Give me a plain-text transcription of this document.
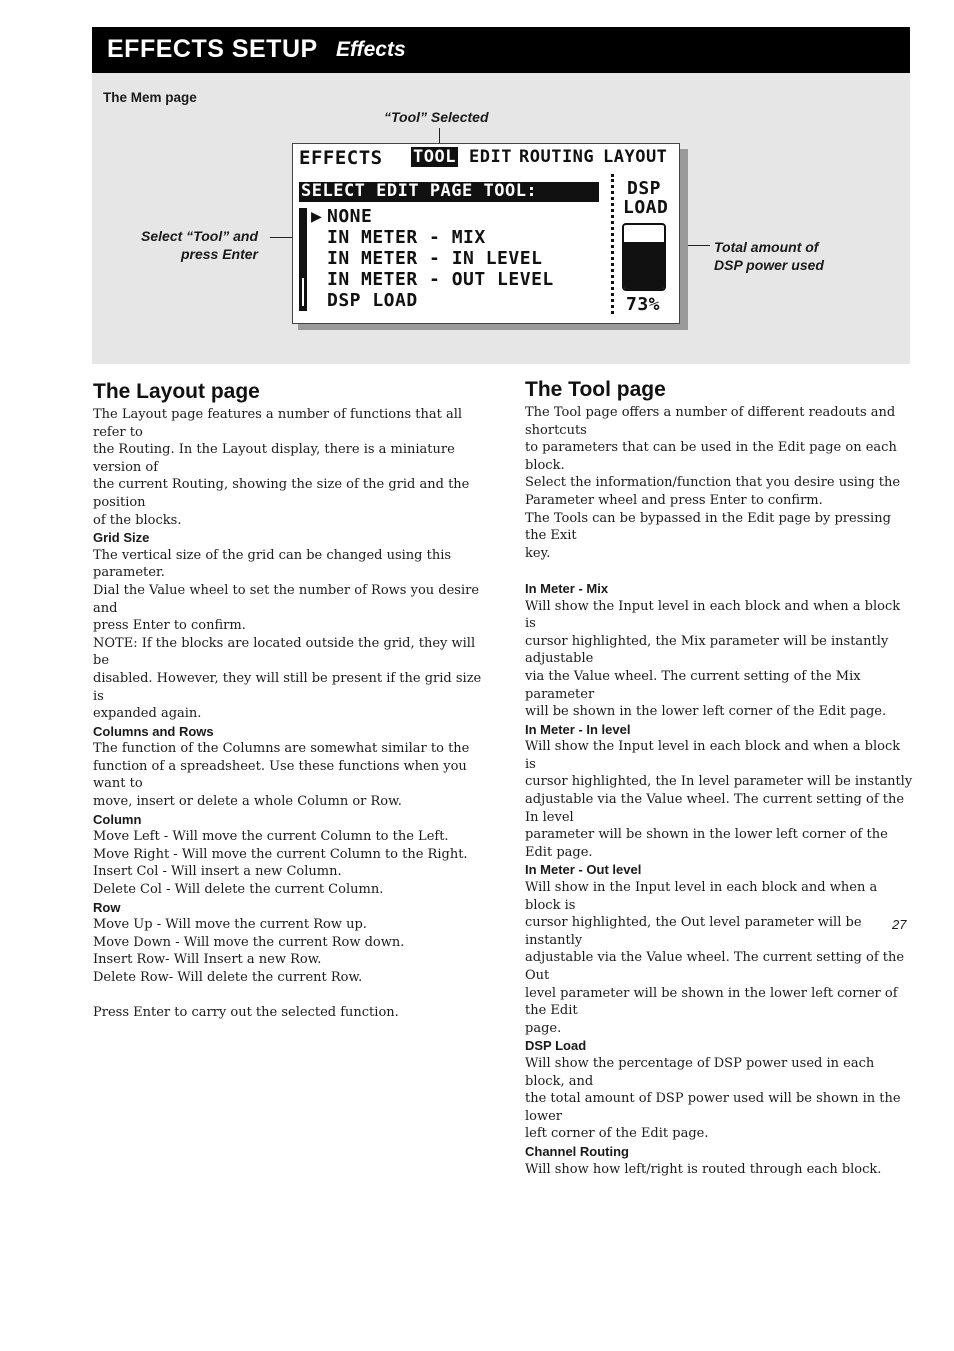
EFFECTS SETUP Effects
The Mem page
“Tool” Selected
Select “Tool” and press Enter	Total amount of
DSP power used
EFFECTS TOOL EDIT ROUTING LAYOUT
SELECT EDIT PAGE TOOL:
▶ NONE
IN METER - MIX
IN METER - IN LEVEL
IN METER - OUT LEVEL
DSP LOAD
DSP
LOAD
73%
The Layout page
The Layout page features a number of functions that all refer to
the Routing. In the Layout display, there is a miniature version of
the current Routing, showing the size of the grid and the position
of the blocks.
Grid Size
The vertical size of the grid can be changed using this parameter.
Dial the Value wheel to set the number of Rows you desire and
press Enter to confirm.
NOTE: If the blocks are located outside the grid, they will be
disabled. However, they will still be present if the grid size is
expanded again.
Columns and Rows
The function of the Columns are somewhat similar to the
function of a spreadsheet. Use these functions when you want to
move, insert or delete a whole Column or Row.
Column
Move Left - Will move the current Column to the Left.
Move Right - Will move the current Column to the Right.
Insert Col - Will insert a new Column.
Delete Col - Will delete the current Column.
Row
Move Up - Will move the current Row up.
Move Down - Will move the current Row down.
Insert Row- Will Insert a new Row.
Delete Row- Will delete the current Row.
Press Enter to carry out the selected function.
The Tool page
The Tool page offers a number of different readouts and shortcuts
to parameters that can be used in the Edit page on each block.
Select the information/function that you desire using the
Parameter wheel and press Enter to confirm.
The Tools can be bypassed in the Edit page by pressing the Exit
key.
In Meter - Mix
Will show the Input level in each block and when a block is
cursor highlighted, the Mix parameter will be instantly adjustable
via the Value wheel. The current setting of the Mix parameter
will be shown in the lower left corner of the Edit page.
In Meter - In level
Will show the Input level in each block and when a block is
cursor highlighted, the In level parameter will be instantly
adjustable via the Value wheel. The current setting of the In level
parameter will be shown in the lower left corner of the Edit page.
In Meter - Out level
Will show in the Input level in each block and when a block is
cursor highlighted, the Out level parameter will be instantly
adjustable via the Value wheel. The current setting of the Out
level parameter will be shown in the lower left corner of the Edit
page.
DSP Load
Will show the percentage of DSP power used in each block, and
the total amount of DSP power used will be shown in the lower
left corner of the Edit page.
Channel Routing
Will show how left/right is routed through each block.
27
